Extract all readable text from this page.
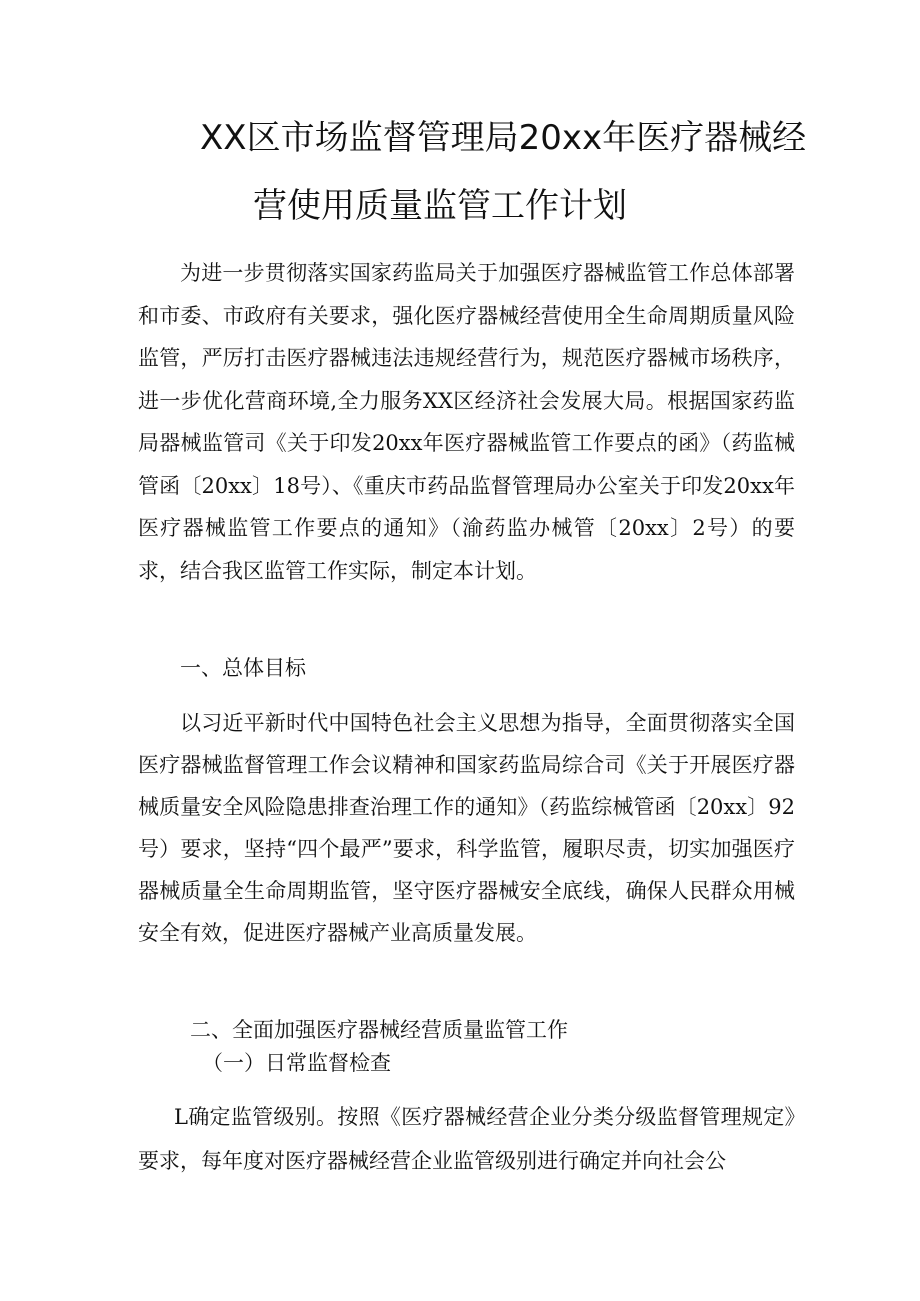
XX区市场监督管理局20xx年医疗器械经
营使用质量监管工作计划

为进一步贯彻落实国家药监局关于加强医疗器械监管工作总体部署和市委、市政府有关要求，强化医疗器械经营使用全生命周期质量风险监管，严厉打击医疗器械违法违规经营行为，规范医疗器械市场秩序，进一步优化营商环境,全力服务XX区经济社会发展大局。根据国家药监局器械监管司《关于印发20xx年医疗器械监管工作要点的函》（药监械管函〔20xx〕18号）、《重庆市药品监督管理局办公室关于印发20xx年医疗器械监管工作要点的通知》（渝药监办械管〔20xx〕2号）的要求，结合我区监管工作实际，制定本计划。

一、总体目标

以习近平新时代中国特色社会主义思想为指导，全面贯彻落实全国医疗器械监督管理工作会议精神和国家药监局综合司《关于开展医疗器械质量安全风险隐患排查治理工作的通知》（药监综械管函〔20xx〕92号）要求，坚持“四个最严”要求，科学监管，履职尽责，切实加强医疗器械质量全生命周期监管，坚守医疗器械安全底线，确保人民群众用械安全有效，促进医疗器械产业高质量发展。

二、全面加强医疗器械经营质量监管工作

（一）日常监督检查

L确定监管级别。按照《医疗器械经营企业分类分级监督管理规定》要求，每年度对医疗器械经营企业监管级别进行确定并向社会公
